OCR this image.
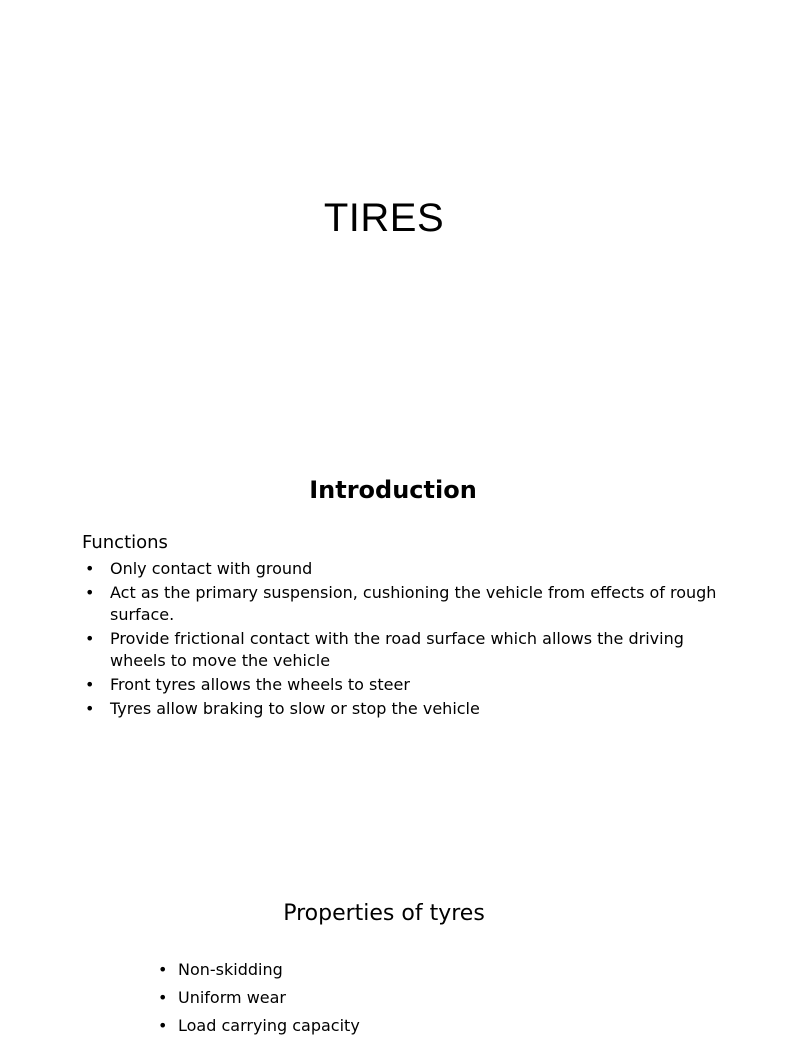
TIRES
Introduction
Functions
• Only contact with ground
• Act as the primary suspension, cushioning the vehicle from effects of rough surface.
• Provide frictional contact with the road surface which allows the driving wheels to move the vehicle
• Front tyres allows the wheels to steer
• Tyres allow braking to slow or stop the vehicle
Properties of tyres
• Non-skidding
• Uniform wear
• Load carrying capacity
